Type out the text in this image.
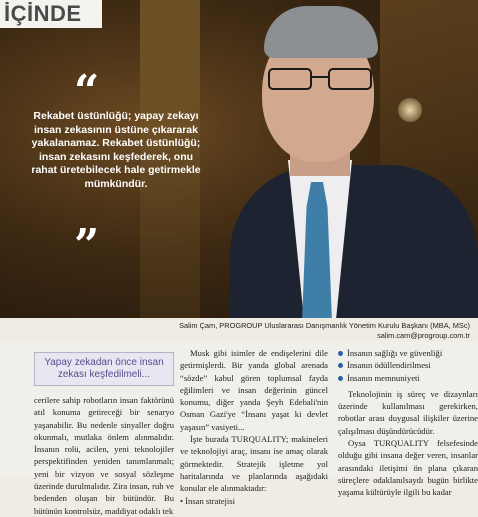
İÇİNDE
“
Rekabet üstünlüğü; yapay zekayı insan zekasının üstüne çıkararak yakalanamaz. Rekabet üstünlüğü; insan zekasını keşfederek, onu rahat üretebilecek hale getirmekle mümkündür.
”
Salim Çam, PROGROUP Uluslararası Danışmanlık Yönetim Kurulu Başkanı (MBA, MSc)
salim.cam@progroup.com.tr
Yapay zekadan önce insan zekası keşfedilmeli...

cerilere sahip robotların insan faktörünü atıl konuma getireceği bir senaryo yaşanabilir. Bu nedenle sinyaller doğru okunmalı, mutlaka önlem alınmalıdır. İnsanın rolü, acilen, yeni teknolojiler perspektifinden yeniden tanımlanmalı; yeni bir vizyon ve sosyal sözleşme üzerinde durulmalıdır. Zira insan, ruh ve bedenden oluşan bir bütündür. Bu bütünün kontrolsüz, maddiyat odaklı tek

Musk gibi isimler de endişelerini dile getirmişlerdi. Bir yanda global arenada “sözde” kabul gören toplumsal fayda eğilimleri ve insan değerinin güncel konumu, diğer yanda Şeyh Edebali'nin Osman Gazi'ye “İnsanı yaşat ki devlet yaşasın” vasiyeti...

İşte burada TURQUALITY; makineleri ve teknolojiyi araç, insanı ise amaç olarak görmektedir. Stratejik işletme yol haritalarında ve planlarında aşağıdaki konular ele alınmaktadır:

• İnsan stratejisi

İnsanın sağlığı ve güvenliği
İnsanın ödüllendirilmesi
İnsanın memnuniyeti

Teknolojinin iş süreç ve dizaynları üzerinde kullanılması gerekirken, robotlar arası duygusal ilişkiler üzerine çalışılması düşündürücüdür.

Oysa TURQUALITY felsefesinde olduğu gibi insana değer veren, insanlar arasındaki iletişimi ön plana çıkaran süreçlere odaklanılsaydı bugün birlikte yaşama kültürüyle ilgili bu kadar
